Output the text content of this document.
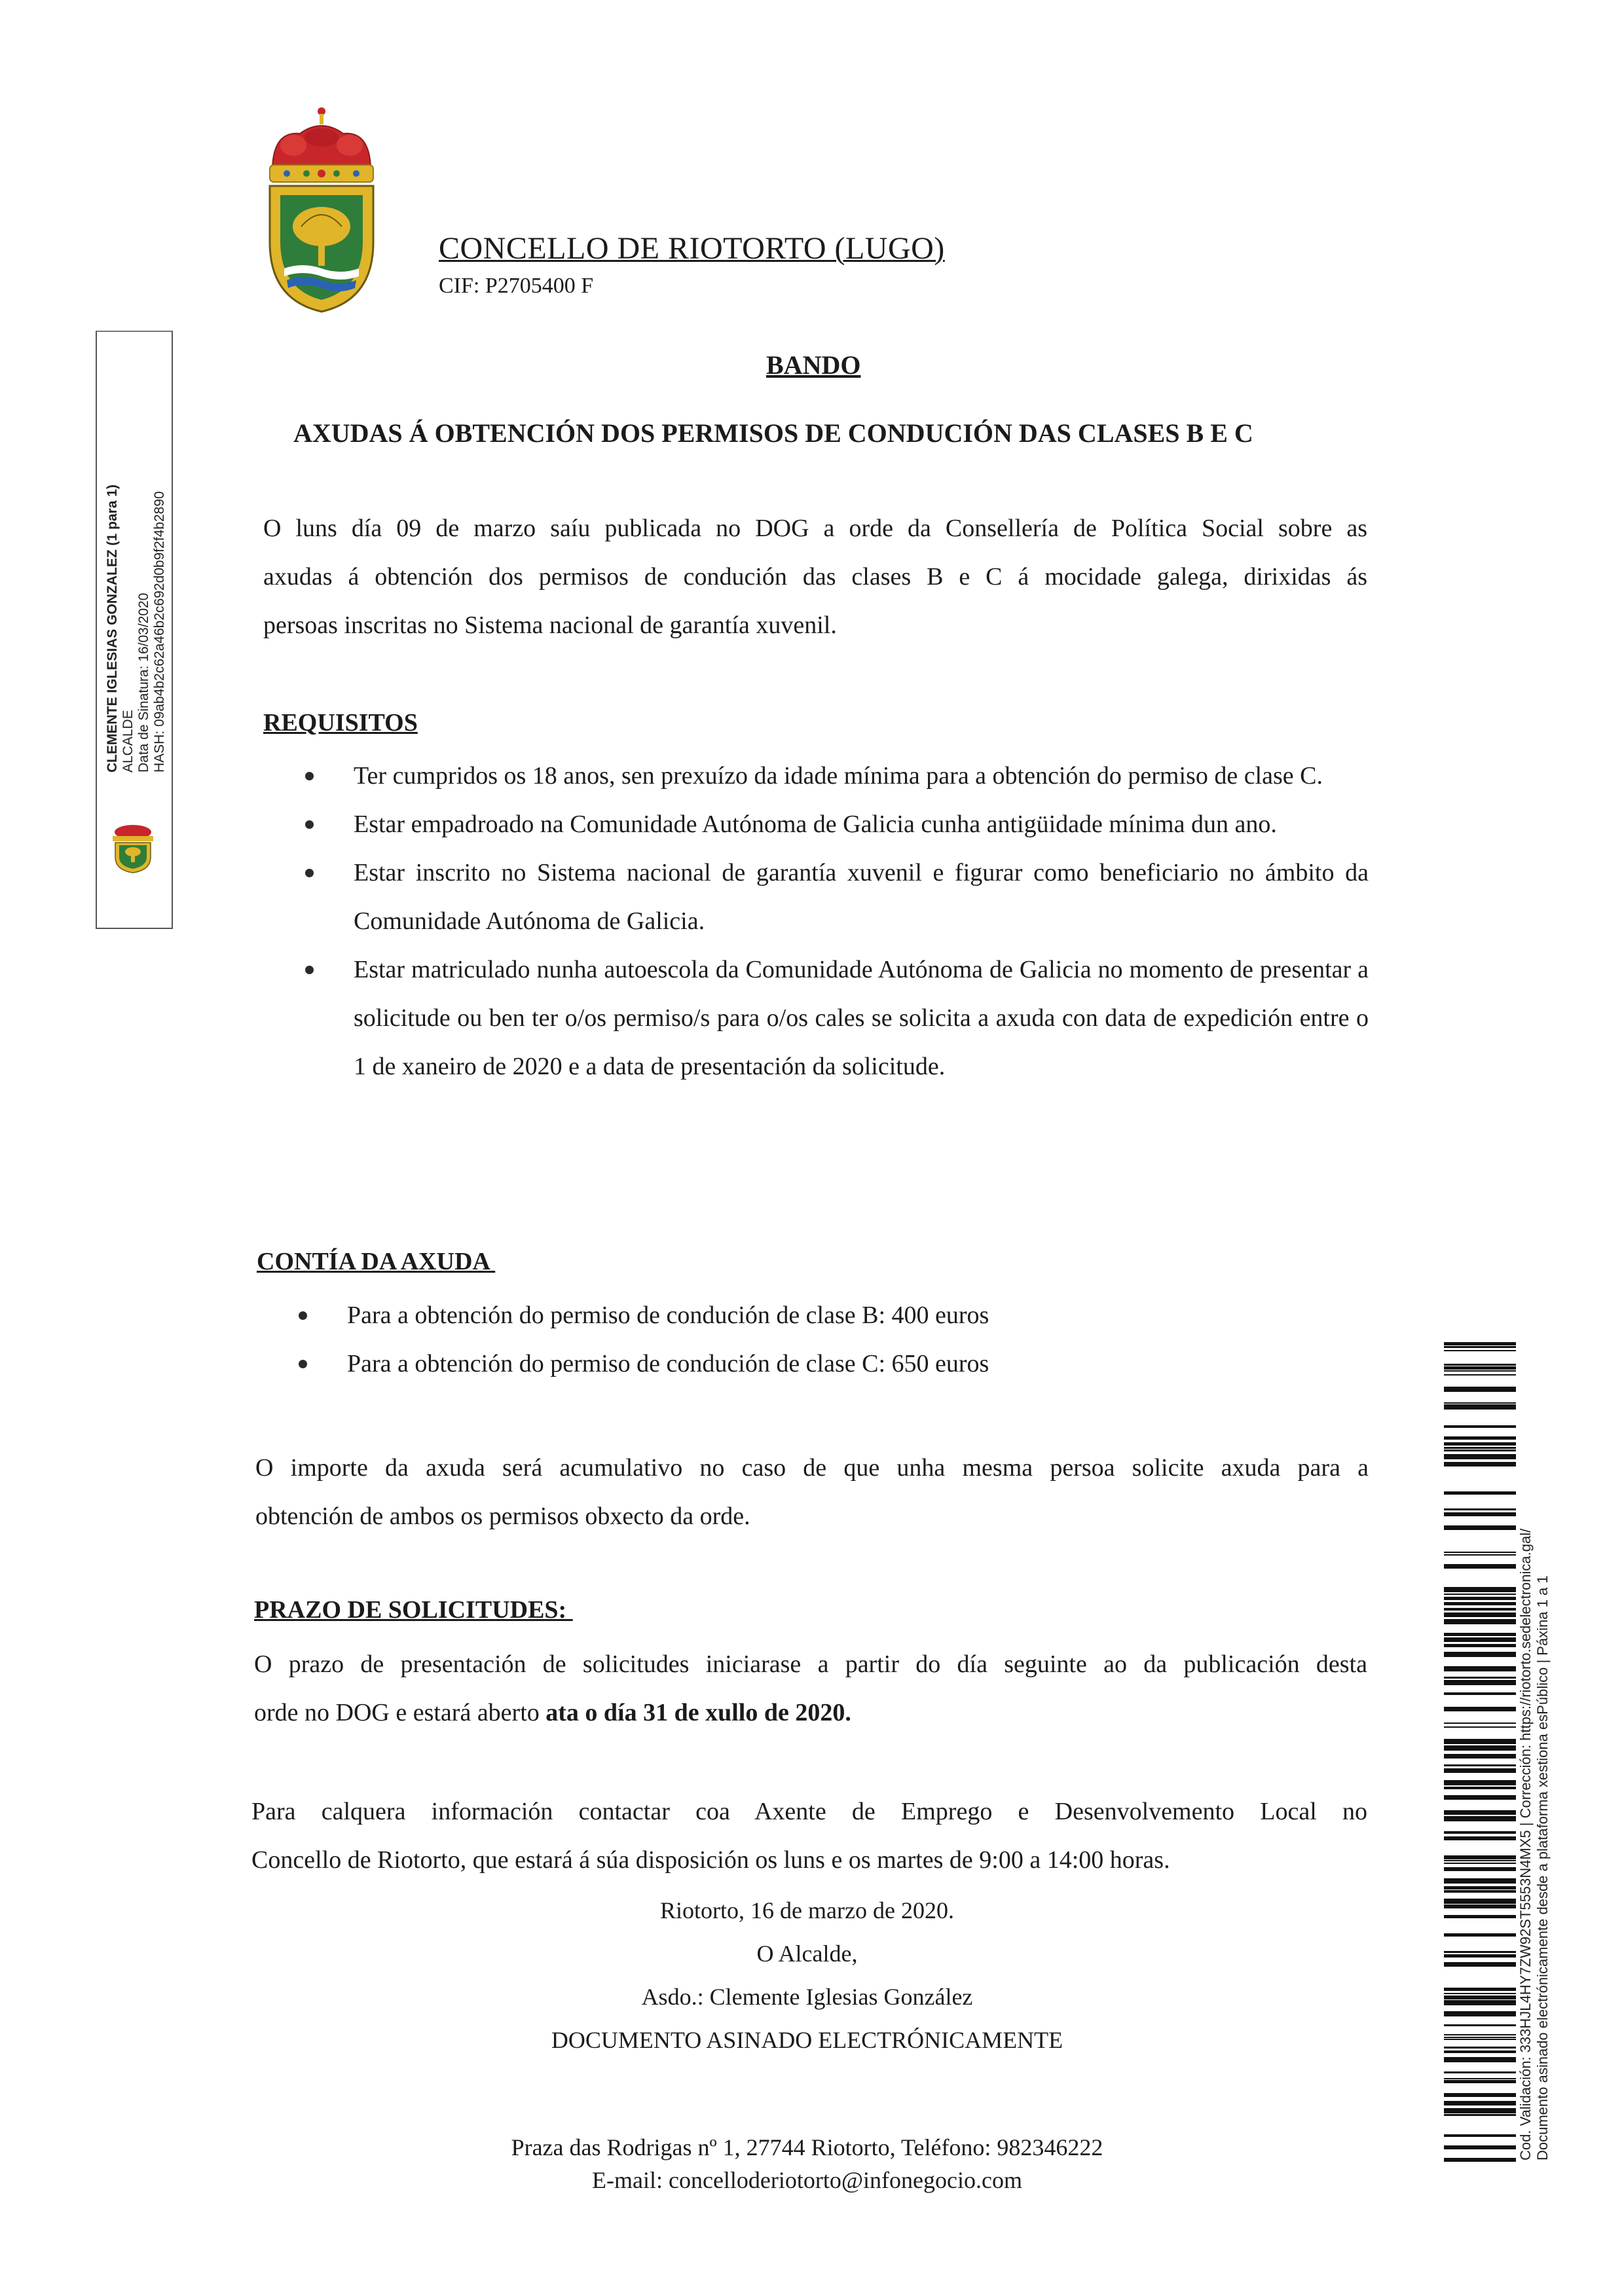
CONCELLO DE RIOTORTO (LUGO)
CIF: P2705400 F
BANDO
AXUDAS Á OBTENCIÓN DOS PERMISOS DE CONDUCIÓN DAS CLASES B E C
O luns día 09 de marzo saíu publicada no DOG a orde da Consellería de Política Social sobre as
axudas á obtención dos permisos de condución das clases B e C á mocidade galega, dirixidas ás
persoas inscritas no Sistema nacional de garantía xuvenil.
REQUISITOS
Ter cumpridos os 18 anos, sen prexuízo da idade mínima para a obtención do permiso de clase C.
Estar empadroado na Comunidade Autónoma de Galicia cunha antigüidade mínima dun ano.
Estar inscrito no Sistema nacional de garantía xuvenil e figurar como beneficiario no ámbito da Comunidade Autónoma de Galicia.
Estar matriculado nunha autoescola da Comunidade Autónoma de Galicia no momento de presentar a solicitude ou ben ter o/os permiso/s para o/os cales se solicita a axuda con data de expedición entre o 1 de xaneiro de 2020 e a data de presentación da solicitude.
CONTÍA DA AXUDA
Para a obtención do permiso de condución de clase B: 400 euros
Para a obtención do permiso de condución de clase C: 650 euros
O importe da axuda será acumulativo no caso de que unha mesma persoa solicite axuda para a
obtención de ambos os permisos obxecto da orde.
PRAZO DE SOLICITUDES:
O prazo de presentación de solicitudes iniciarase a partir do día seguinte ao da publicación desta
orde no DOG e estará aberto ata o día 31 de xullo de 2020.
Para calquera información contactar coa Axente de Emprego e Desenvolvemento Local no
Concello de Riotorto, que estará á súa disposición os luns e os martes de 9:00 a 14:00 horas.
Riotorto, 16 de marzo de 2020.
O Alcalde,
Asdo.: Clemente Iglesias González
DOCUMENTO ASINADO ELECTRÓNICAMENTE
Praza das Rodrigas nº 1, 27744 Riotorto, Teléfono: 982346222
E-mail: concelloderiotorto@infonegocio.com
CLEMENTE IGLESIAS GONZALEZ (1 para 1) ALCALDE Data de Sinatura: 16/03/2020 HASH: 09ab4b2c62a46b2c692d0b9f2f4b2890
Cod. Validación: 333HJL4HY7ZW92ST5553N4MX5 | Corrección: https://riotorto.sedelectronica.gal/ Documento asinado electrónicamente desde a plataforma xestiona esPúblico | Páxina 1 a 1
